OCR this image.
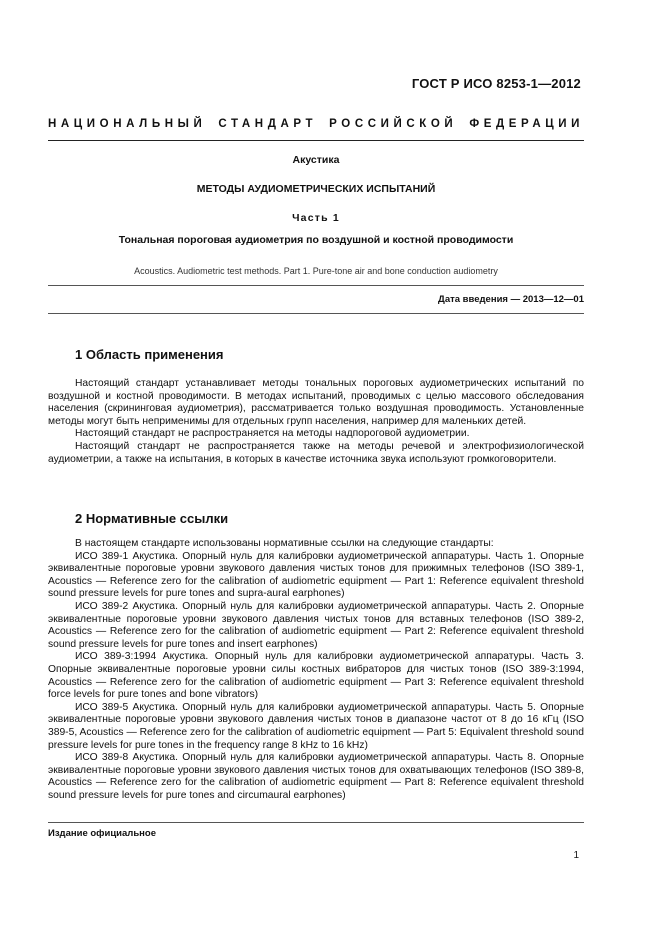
ГОСТ Р ИСО 8253-1—2012
НАЦИОНАЛЬНЫЙ СТАНДАРТ РОССИЙСКОЙ ФЕДЕРАЦИИ
Акустика
МЕТОДЫ АУДИОМЕТРИЧЕСКИХ ИСПЫТАНИЙ
Часть 1
Тональная пороговая аудиометрия по воздушной и костной проводимости
Acoustics. Audiometric test methods. Part 1. Pure-tone air and bone conduction audiometry
Дата введения — 2013—12—01
1 Область применения

Настоящий стандарт устанавливает методы тональных пороговых аудиометрических испытаний по воздушной и костной проводимости. В методах испытаний, проводимых с целью массового обследования населения (скрининговая аудиометрия), рассматривается только воздушная проводимость. Установленные методы могут быть неприменимы для отдельных групп населения, например для маленьких детей.

Настоящий стандарт не распространяется на методы надпороговой аудиометрии.

Настоящий стандарт не распространяется также на методы речевой и электрофизиологической аудиометрии, а также на испытания, в которых в качестве источника звука используют громкоговорители.

2 Нормативные ссылки

В настоящем стандарте использованы нормативные ссылки на следующие стандарты:

ИСО 389-1 Акустика. Опорный нуль для калибровки аудиометрической аппаратуры. Часть 1. Опорные эквивалентные пороговые уровни звукового давления чистых тонов для прижимных телефонов (ISO 389-1, Acoustics — Reference zero for the calibration of audiometric equipment — Part 1: Reference equivalent threshold sound pressure levels for pure tones and supra-aural earphones)

ИСО 389-2 Акустика. Опорный нуль для калибровки аудиометрической аппаратуры. Часть 2. Опорные эквивалентные пороговые уровни звукового давления чистых тонов для вставных телефонов (ISO 389-2, Acoustics — Reference zero for the calibration of audiometric equipment — Part 2: Reference equivalent threshold sound pressure levels for pure tones and insert earphones)

ИСО 389-3:1994 Акустика. Опорный нуль для калибровки аудиометрической аппаратуры. Часть 3. Опорные эквивалентные пороговые уровни силы костных вибраторов для чистых тонов (ISO 389-3:1994, Acoustics — Reference zero for the calibration of audiometric equipment — Part 3: Reference equivalent threshold force levels for pure tones and bone vibrators)

ИСО 389-5 Акустика. Опорный нуль для калибровки аудиометрической аппаратуры. Часть 5. Опорные эквивалентные пороговые уровни звукового давления чистых тонов в диапазоне частот от 8 до 16 кГц (ISO 389-5, Acoustics — Reference zero for the calibration of audiometric equipment — Part 5: Equivalent threshold sound pressure levels for pure tones in the frequency range 8 kHz to 16 kHz)

ИСО 389-8 Акустика. Опорный нуль для калибровки аудиометрической аппаратуры. Часть 8. Опорные эквивалентные пороговые уровни звукового давления чистых тонов для охватывающих телефонов (ISO 389-8, Acoustics — Reference zero for the calibration of audiometric equipment — Part 8: Reference equivalent threshold sound pressure levels for pure tones and circumaural earphones)

Издание официальное
1
